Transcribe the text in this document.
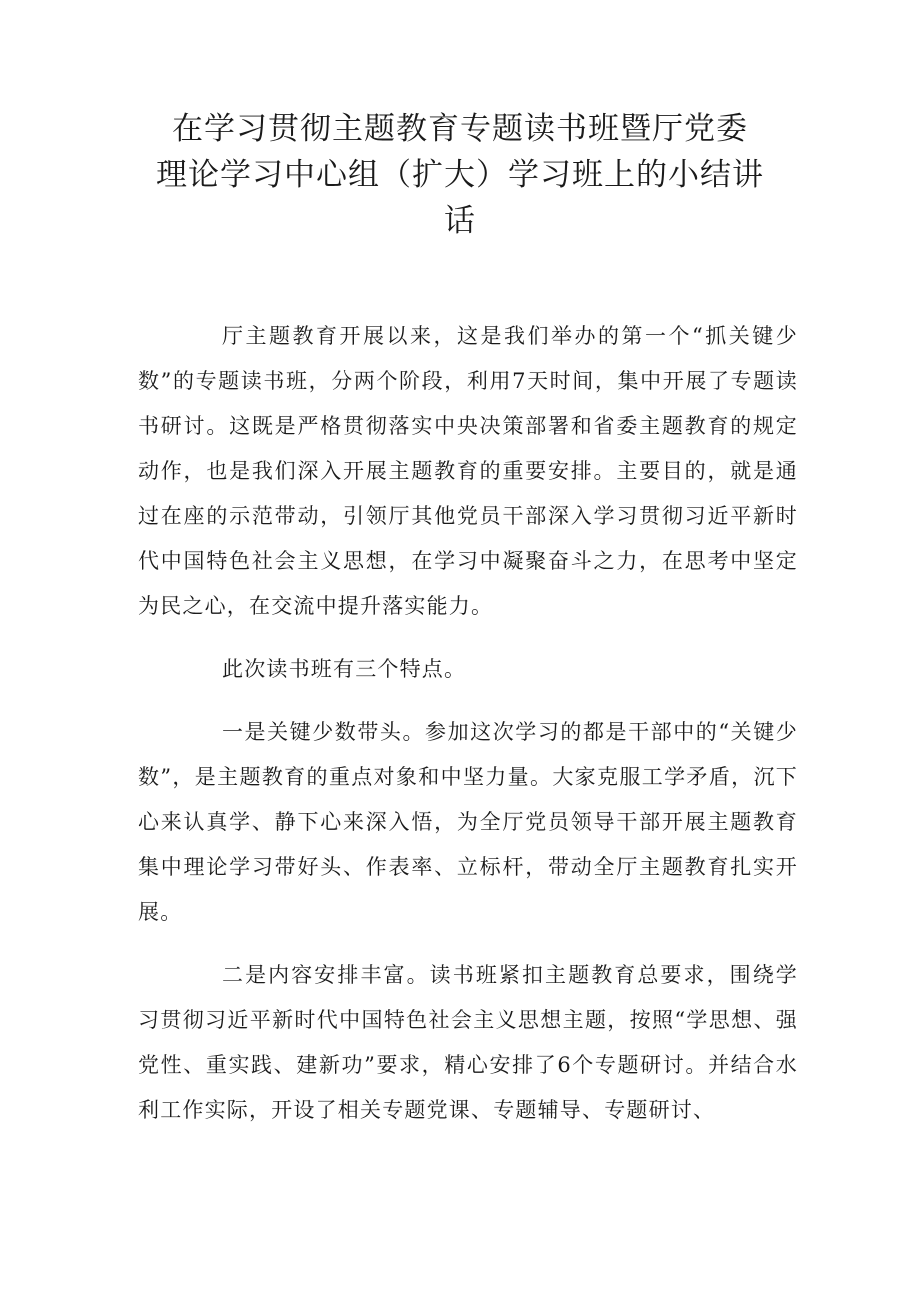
在学习贯彻主题教育专题读书班暨厅党委
理论学习中心组（扩大）学习班上的小结讲
话

厅主题教育开展以来，这是我们举办的第一个“抓关键少数”的专题读书班，分两个阶段，利用7天时间，集中开展了专题读书研讨。这既是严格贯彻落实中央决策部署和省委主题教育的规定动作，也是我们深入开展主题教育的重要安排。主要目的，就是通过在座的示范带动，引领厅其他党员干部深入学习贯彻习近平新时代中国特色社会主义思想，在学习中凝聚奋斗之力，在思考中坚定为民之心，在交流中提升落实能力。

此次读书班有三个特点。

一是关键少数带头。参加这次学习的都是干部中的“关键少数”，是主题教育的重点对象和中坚力量。大家克服工学矛盾，沉下心来认真学、静下心来深入悟，为全厅党员领导干部开展主题教育集中理论学习带好头、作表率、立标杆，带动全厅主题教育扎实开展。

二是内容安排丰富。读书班紧扣主题教育总要求，围绕学习贯彻习近平新时代中国特色社会主义思想主题，按照“学思想、强党性、重实践、建新功”要求，精心安排了6个专题研讨。并结合水利工作实际，开设了相关专题党课、专题辅导、专题研讨、
